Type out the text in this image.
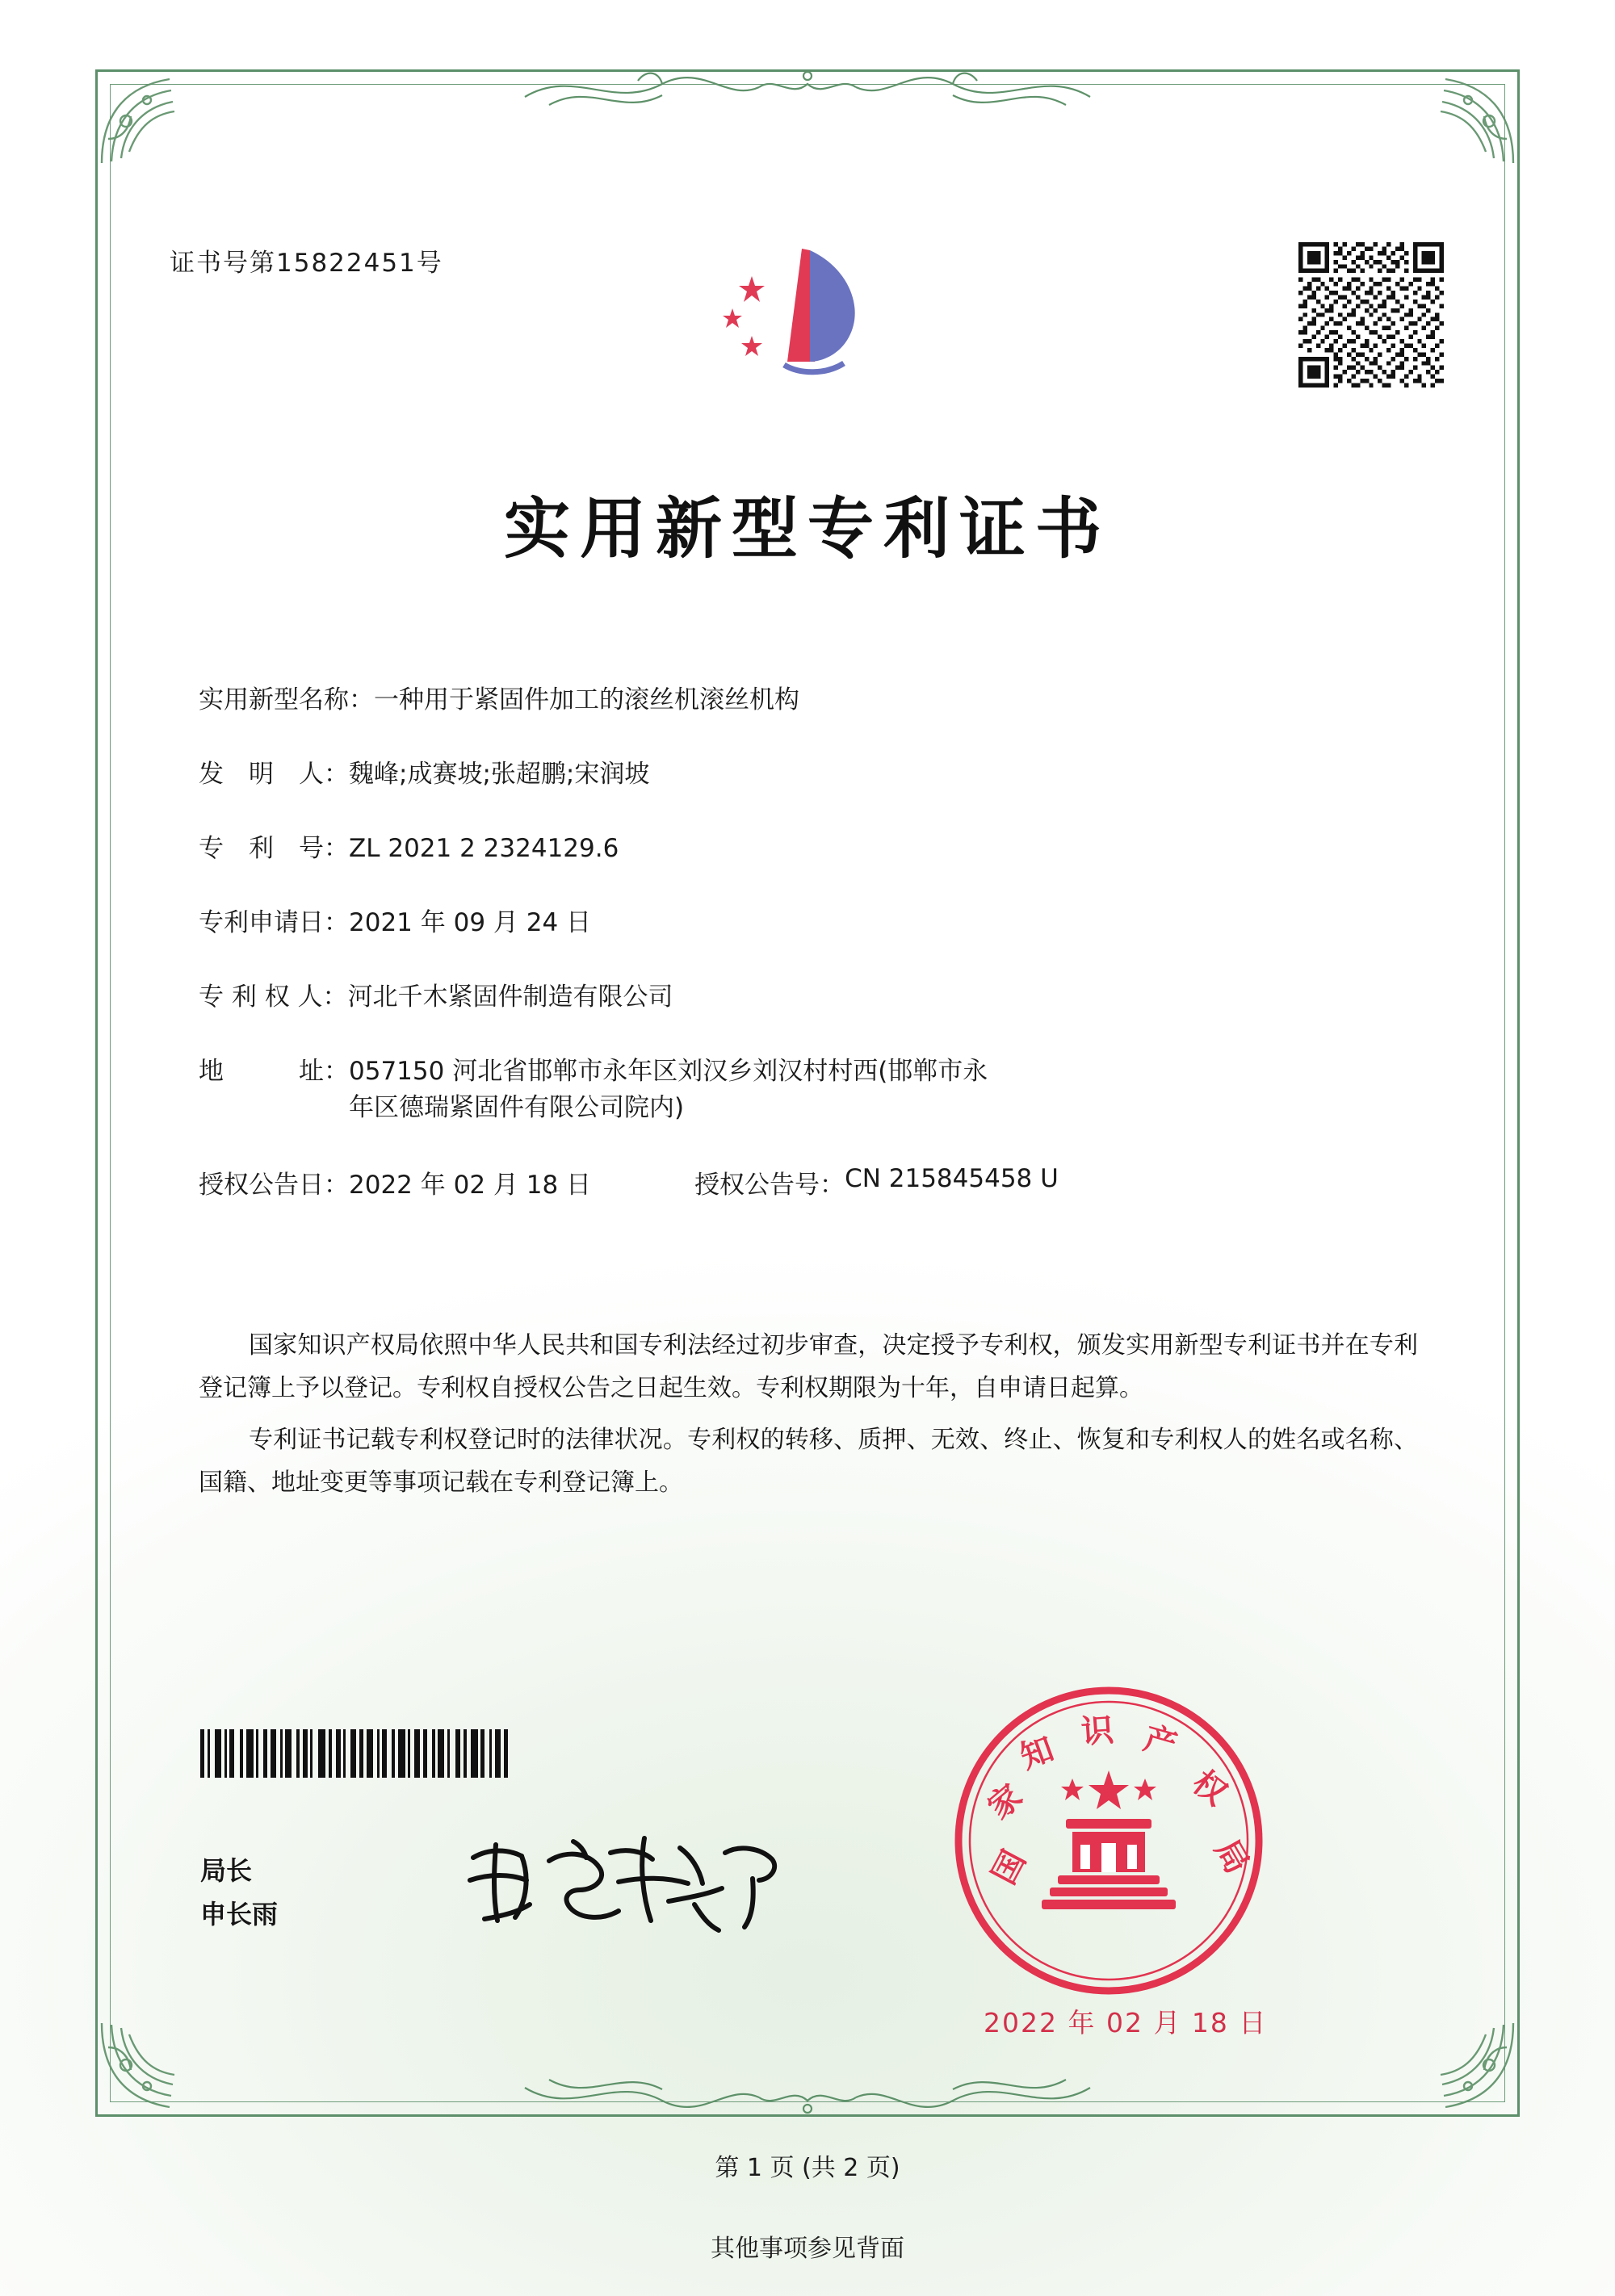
证书号第15822451号
实用新型专利证书
实用新型名称： 一种用于紧固件加工的滚丝机滚丝机构
发　明　人： 魏峰;成赛坡;张超鹏;宋润坡
专　利　号： ZL 2021 2 2324129.6
专利申请日： 2021 年 09 月 24 日
专 利 权 人： 河北千木紧固件制造有限公司
地　　　址： 057150 河北省邯郸市永年区刘汉乡刘汉村村西(邯郸市永
年区德瑞紧固件有限公司院内)
授权公告日： 2022 年 02 月 18 日	授权公告号： CN 215845458 U

国家知识产权局依照中华人民共和国专利法经过初步审查，决定授予专利权，颁发实用新型专利证书并在专利登记簿上予以登记。专利权自授权公告之日起生效。专利权期限为十年，自申请日起算。

专利证书记载专利权登记时的法律状况。专利权的转移、质押、无效、终止、恢复和专利权人的姓名或名称、国籍、地址变更等事项记载在专利登记簿上。

局长
申长雨
国
家
知 识 产
权
局
2022 年 02 月 18 日
第 1 页 (共 2 页)
其他事项参见背面
